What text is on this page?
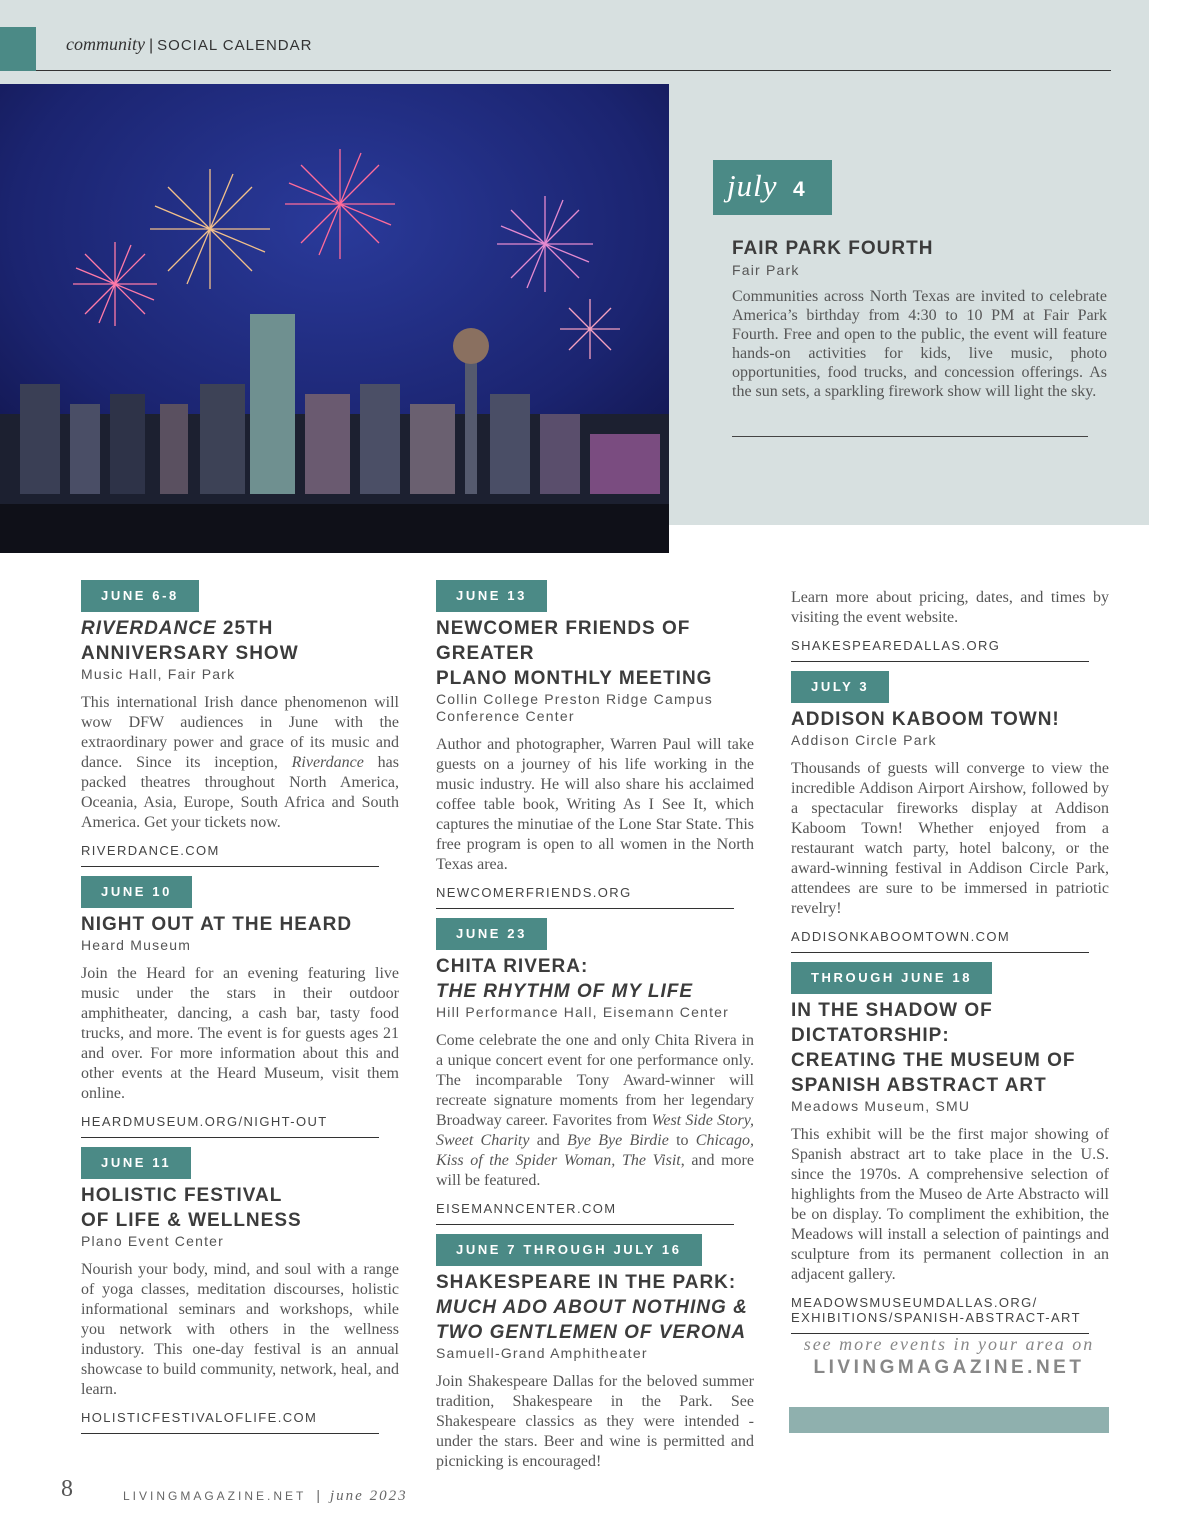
community | SOCIAL CALENDAR
july 4
FAIR PARK FOURTH
Fair Park
Communities across North Texas are invited to celebrate America’s birthday from 4:30 to 10 PM at Fair Park Fourth. Free and open to the public, the event will feature hands-on activities for kids, live music, photo opportunities, food trucks, and concession offerings. As the sun sets, a sparkling firework show will light the sky.
JUNE 6-8
RIVERDANCE 25TH
ANNIVERSARY SHOW
Music Hall, Fair Park
This international Irish dance phenomenon will wow DFW audiences in June with the extraordinary power and grace of its music and dance. Since its inception, Riverdance has packed theatres throughout North America, Oceania, Asia, Europe, South Africa and South America. Get your tickets now.
RIVERDANCE.COM
JUNE 10
NIGHT OUT AT THE HEARD
Heard Museum
Join the Heard for an evening featuring live music under the stars in their outdoor amphitheater, dancing, a cash bar, tasty food trucks, and more. The event is for guests ages 21 and over. For more information about this and other events at the Heard Museum, visit them online.
HEARDMUSEUM.ORG/NIGHT-OUT
JUNE 11
HOLISTIC FESTIVAL
OF LIFE & WELLNESS
Plano Event Center
Nourish your body, mind, and soul with a range of yoga classes, meditation discourses, holistic informational seminars and workshops, while you network with others in the wellness industory. This one-day festival is an annual showcase to build community, network, heal, and learn.
HOLISTICFESTIVALOFLIFE.COM
JUNE 13
NEWCOMER FRIENDS OF GREATER
PLANO MONTHLY MEETING
Collin College Preston Ridge Campus
Conference Center
Author and photographer, Warren Paul will take guests on a journey of his life working in the music industry. He will also share his acclaimed coffee table book, Writing As I See It, which captures the minutiae of the Lone Star State. This free program is open to all women in the North Texas area.
NEWCOMERFRIENDS.ORG
JUNE 23
CHITA RIVERA:
THE RHYTHM OF MY LIFE
Hill Performance Hall, Eisemann Center
Come celebrate the one and only Chita Rivera in a unique concert event for one performance only. The incomparable Tony Award-winner will recreate signature moments from her legendary Broadway career. Favorites from West Side Story, Sweet Charity and Bye Bye Birdie to Chicago, Kiss of the Spider Woman, The Visit, and more will be featured.
EISEMANNCENTER.COM
JUNE 7 THROUGH JULY 16
SHAKESPEARE IN THE PARK:
MUCH ADO ABOUT NOTHING &
TWO GENTLEMEN OF VERONA
Samuell-Grand Amphitheater
Join Shakespeare Dallas for the beloved summer tradition, Shakespeare in the Park. See Shakespeare classics as they were intended - under the stars. Beer and wine is permitted and picnicking is encouraged!
Learn more about pricing, dates, and times by visiting the event website.
SHAKESPEAREDALLAS.ORG
JULY 3
ADDISON KABOOM TOWN!
Addison Circle Park
Thousands of guests will converge to view the incredible Addison Airport Airshow, followed by a spectacular fireworks display at Addison Kaboom Town! Whether enjoyed from a restaurant watch party, hotel balcony, or the award-winning festival in Addison Circle Park, attendees are sure to be immersed in patriotic revelry!
ADDISONKABOOMTOWN.COM
THROUGH JUNE 18
IN THE SHADOW OF DICTATORSHIP:
CREATING THE MUSEUM OF
SPANISH ABSTRACT ART
Meadows Museum, SMU
This exhibit will be the first major showing of Spanish abstract art to take place in the U.S. since the 1970s. A comprehensive selection of highlights from the Museo de Arte Abstracto will be on display. To compliment the exhibition, the Meadows will install a selection of paintings and sculpture from its permanent collection in an adjacent gallery.
MEADOWSMUSEUMDALLAS.ORG/
EXHIBITIONS/SPANISH-ABSTRACT-ART
see more events in your area on
LIVINGMAGAZINE.NET
8	LIVINGMAGAZINE.NET | june 2023
